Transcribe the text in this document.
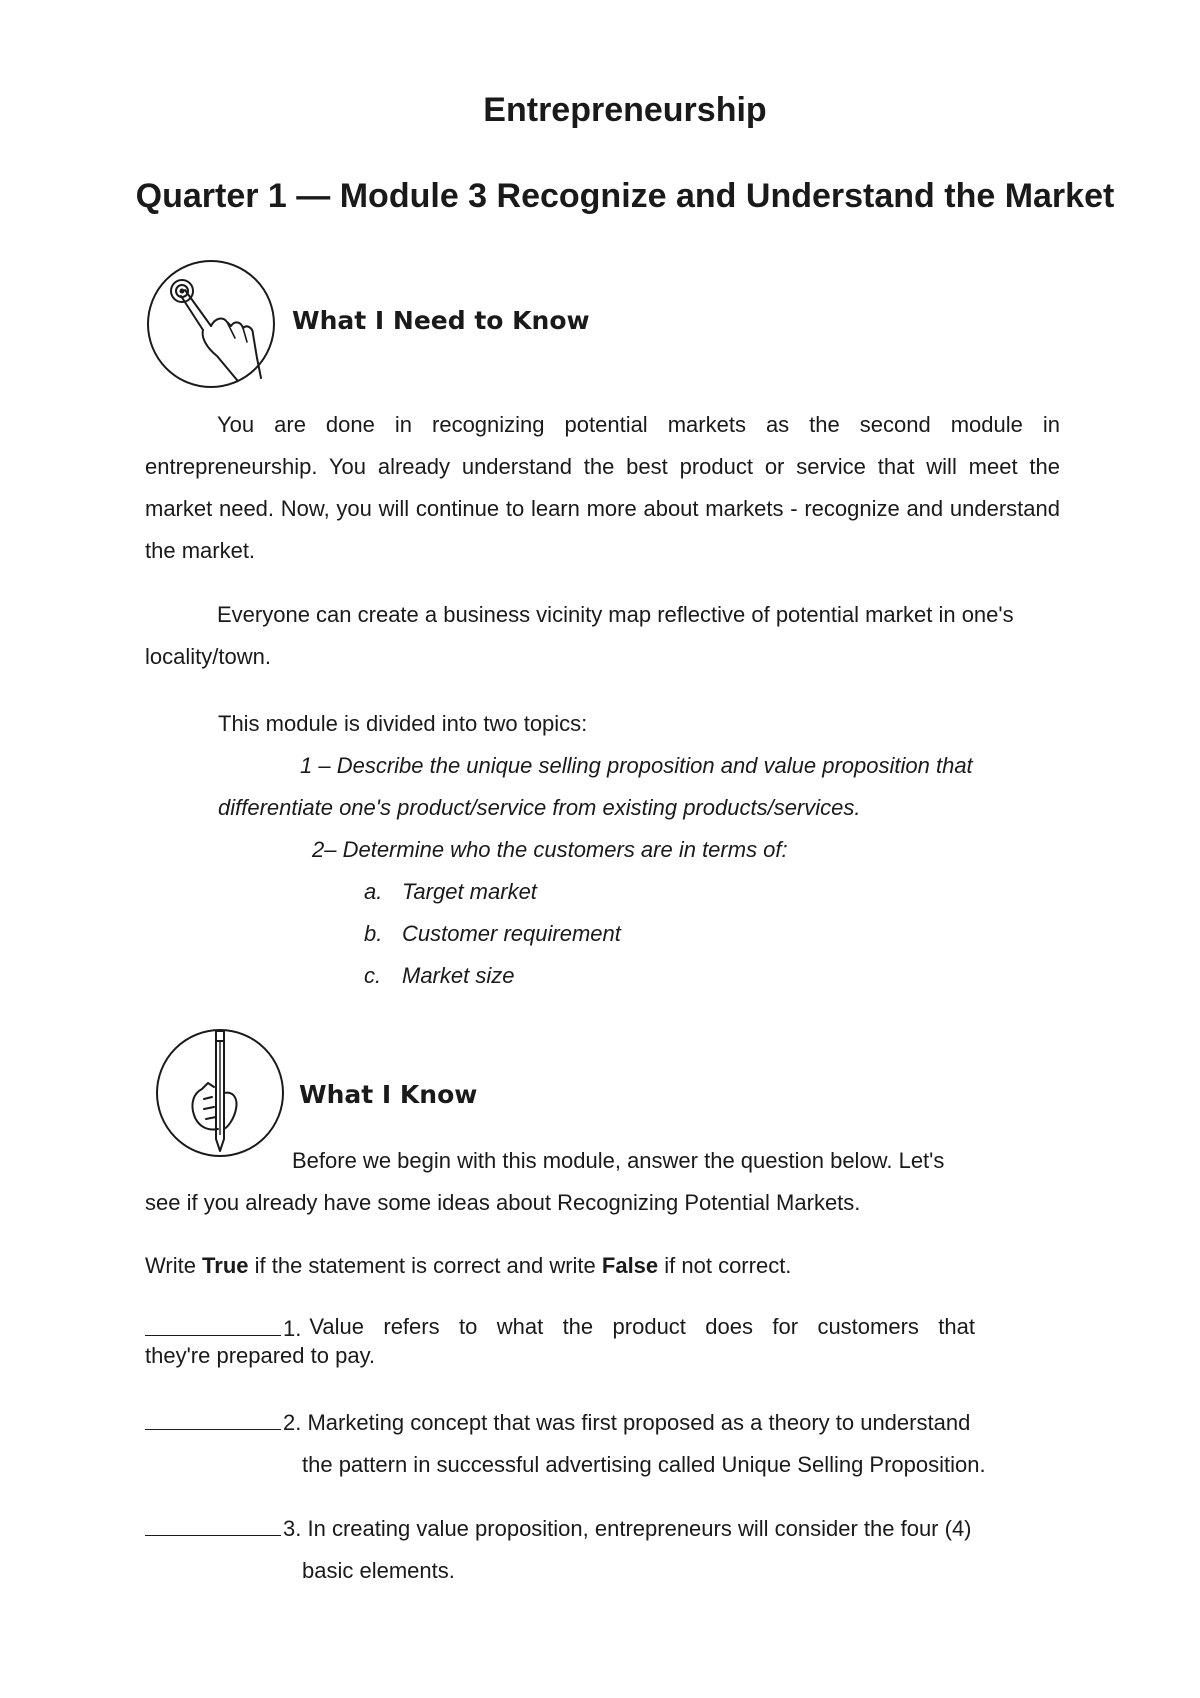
Entrepreneurship
Quarter 1 — Module 3 Recognize and Understand the Market
What I Need to Know
You are done in recognizing potential markets as the second module in entrepreneurship. You already understand the best product or service that will meet the market need. Now, you will continue to learn more about markets - recognize and understand the market.
Everyone can create a business vicinity map reflective of potential market in one's locality/town.
This module is divided into two topics:
1 – Describe the unique selling proposition and value proposition that
differentiate one's product/service from existing products/services.
2– Determine who the customers are in terms of:
a. Target market
b. Customer requirement
c. Market size
What I Know
Before we begin with this module, answer the question below. Let's
see if you already have some ideas about Recognizing Potential Markets.
Write True if the statement is correct and write False if not correct.
1. Value refers to what the product does for customers that
they're prepared to pay.
2. Marketing concept that was first proposed as a theory to understand
the pattern in successful advertising called Unique Selling Proposition.
3. In creating value proposition, entrepreneurs will consider the four (4)
basic elements.
